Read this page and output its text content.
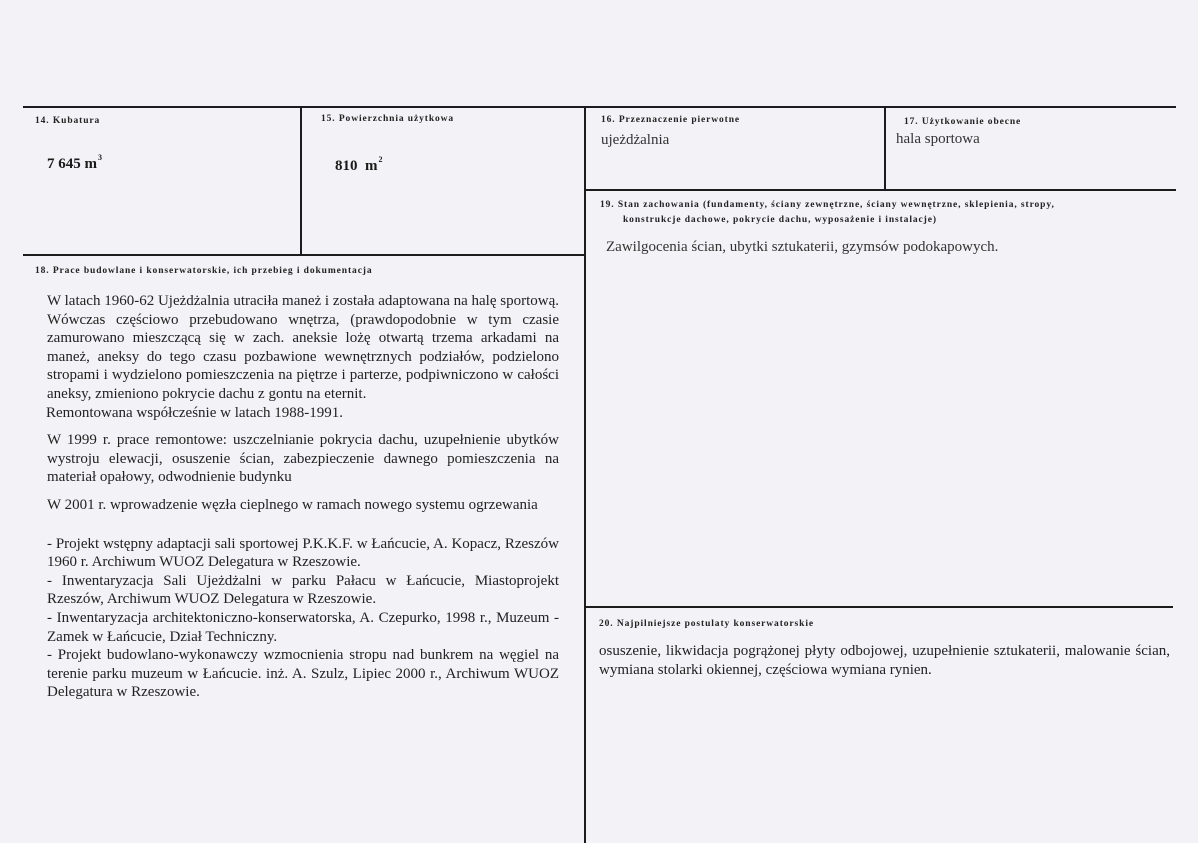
14. Kubatura
7 645 $m^3$
15. Powierzchnia użytkowa
810  $m^2$
16. Przeznaczenie pierwotne
ujeżdżalnia
17. Użytkowanie obecne
hala sportowa
19. Stan zachowania (fundamenty, ściany zewnętrzne, ściany wewnętrzne, sklepienia, stropy,
konstrukcje dachowe, pokrycie dachu, wyposażenie i instalacje)
Zawilgocenia ścian, ubytki sztukaterii, gzymsów podokapowych.
18. Prace budowlane i konserwatorskie, ich przebieg i dokumentacja

W latach 1960-62 Ujeżdżalnia utraciła maneż i została adaptowana na halę sportową. Wówczas częściowo przebudowano wnętrza, (prawdopodobnie w tym czasie zamurowano mieszczącą się w zach. aneksie lożę otwartą trzema arkadami na maneż, aneksy do tego czasu pozbawione wewnętrznych podziałów, podzielono stropami i wydzielono pomieszczenia na piętrze i parterze, podpiwniczono w całości aneksy, zmieniono pokrycie dachu z gontu na eternit.

Remontowana współcześnie w latach 1988-1991.

W 1999 r. prace remontowe: uszczelnianie pokrycia dachu, uzupełnienie ubytków wystroju elewacji, osuszenie ścian, zabezpieczenie dawnego pomieszczenia na materiał opałowy, odwodnienie budynku

W 2001 r. wprowadzenie węzła cieplnego w ramach nowego systemu ogrzewania

- Projekt wstępny adaptacji sali sportowej P.K.K.F. w Łańcucie, A. Kopacz, Rzeszów 1960 r. Archiwum WUOZ Delegatura w Rzeszowie.

- Inwentaryzacja Sali Ujeżdżalni w parku Pałacu w Łańcucie, Miastoprojekt Rzeszów, Archiwum WUOZ Delegatura w Rzeszowie.

- Inwentaryzacja architektoniczno-konserwatorska, A. Czepurko, 1998 r., Muzeum - Zamek w Łańcucie, Dział Techniczny.

- Projekt budowlano-wykonawczy wzmocnienia stropu nad bunkrem na węgiel na terenie parku muzeum w Łańcucie. inż. A. Szulz, Lipiec 2000 r., Archiwum WUOZ Delegatura w Rzeszowie.

20. Najpilniejsze postulaty konserwatorskie
osuszenie, likwidacja pogrążonej płyty odbojowej, uzupełnienie sztukaterii, malowanie ścian, wymiana stolarki okiennej, częściowa wymiana rynien.
